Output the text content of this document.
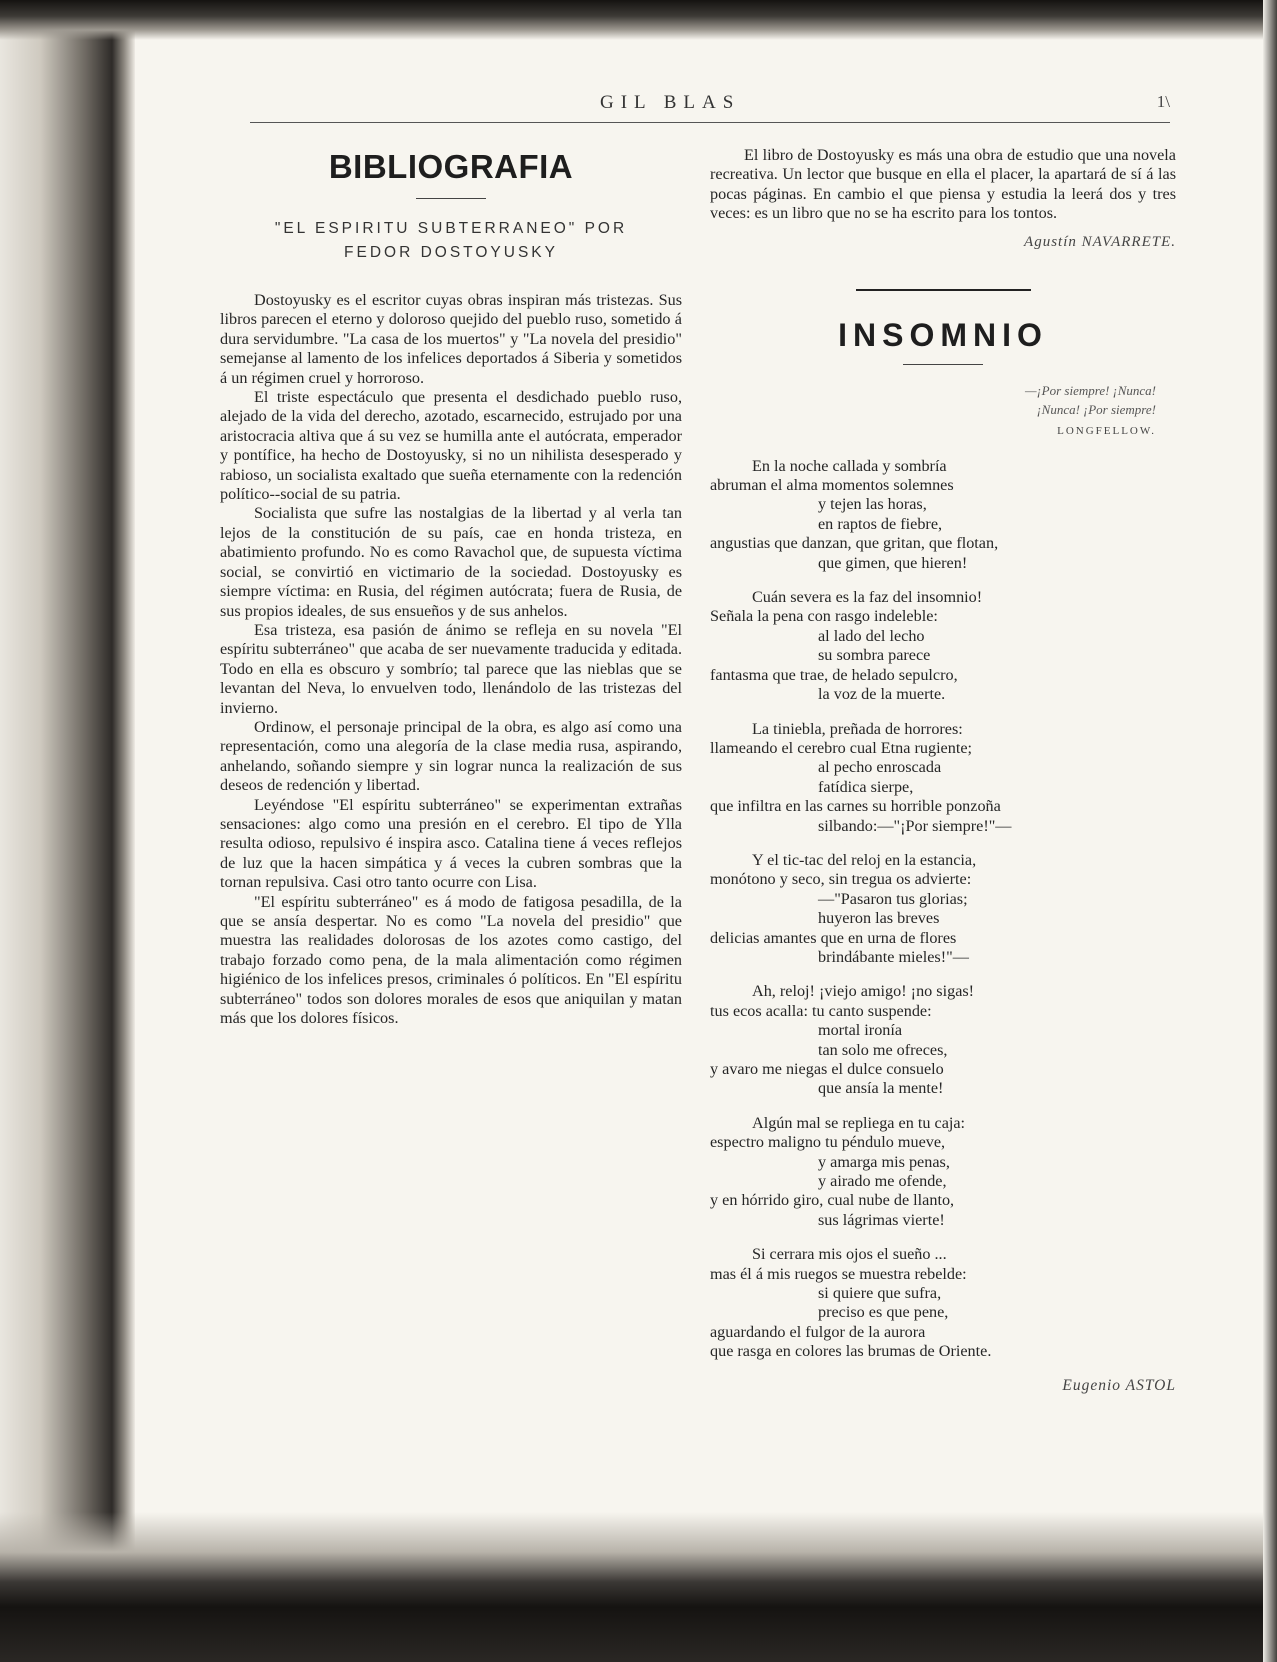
GIL BLAS	1\
BIBLIOGRAFIA
"EL ESPIRITU SUBTERRANEO" POR
FEDOR DOSTOYUSKY

Dostoyusky es el escritor cuyas obras inspiran más tristezas. Sus libros parecen el eterno y doloroso quejido del pueblo ruso, sometido á dura servidumbre. "La casa de los muertos" y "La novela del presidio" semejanse al lamento de los infelices deportados á Siberia y sometidos á un régimen cruel y horroroso.

El triste espectáculo que presenta el desdichado pueblo ruso, alejado de la vida del derecho, azotado, escarnecido, estrujado por una aristocracia altiva que á su vez se humilla ante el autócrata, emperador y pontífice, ha hecho de Dostoyusky, si no un nihilista desesperado y rabioso, un socialista exaltado que sueña eternamente con la redención político--social de su patria.

Socialista que sufre las nostalgias de la libertad y al verla tan lejos de la constitución de su país, cae en honda tristeza, en abatimiento profundo. No es como Ravachol que, de supuesta víctima social, se convirtió en victimario de la sociedad. Dostoyusky es siempre víctima: en Rusia, del régimen autócrata; fuera de Rusia, de sus propios ideales, de sus ensueños y de sus anhelos.

Esa tristeza, esa pasión de ánimo se refleja en su novela "El espíritu subterráneo" que acaba de ser nuevamente traducida y editada. Todo en ella es obscuro y sombrío; tal parece que las nieblas que se levantan del Neva, lo envuelven todo, llenándolo de las tristezas del invierno.

Ordinow, el personaje principal de la obra, es algo así como una representación, como una alegoría de la clase media rusa, aspirando, anhelando, soñando siempre y sin lograr nunca la realización de sus deseos de redención y libertad.

Leyéndose "El espíritu subterráneo" se experimentan extrañas sensaciones: algo como una presión en el cerebro. El tipo de Ylla resulta odioso, repulsivo é inspira asco. Catalina tiene á veces reflejos de luz que la hacen simpática y á veces la cubren sombras que la tornan repulsiva. Casi otro tanto ocurre con Lisa.

"El espíritu subterráneo" es á modo de fatigosa pesadilla, de la que se ansía despertar. No es como "La novela del presidio" que muestra las realidades dolorosas de los azotes como castigo, del trabajo forzado como pena, de la mala alimentación como régimen higiénico de los infelices presos, criminales ó políticos. En "El espíritu subterráneo" todos son dolores morales de esos que aniquilan y matan más que los dolores físicos.

El libro de Dostoyusky es más una obra de estudio que una novela recreativa. Un lector que busque en ella el placer, la apartará de sí á las pocas páginas. En cambio el que piensa y estudia la leerá dos y tres veces: es un libro que no se ha escrito para los tontos.

Agustín NAVARRETE.

INSOMNIO
—¡Por siempre! ¡Nunca!
¡Nunca! ¡Por siempre!
LONGFELLOW.
En la noche callada y sombría
abruman el alma momentos solemnes
y tejen las horas,
en raptos de fiebre,
angustias que danzan, que gritan, que flotan,
que gimen, que hieren!
Cuán severa es la faz del insomnio!
Señala la pena con rasgo indeleble:
al lado del lecho
su sombra parece
fantasma que trae, de helado sepulcro,
la voz de la muerte.
La tiniebla, preñada de horrores:
llameando el cerebro cual Etna rugiente;
al pecho enroscada
fatídica sierpe,
que infiltra en las carnes su horrible ponzoña
silbando:—"¡Por siempre!"—
Y el tic-tac del reloj en la estancia,
monótono y seco, sin tregua os advierte:
—"Pasaron tus glorias;
huyeron las breves
delicias amantes que en urna de flores
brindábante mieles!"—
Ah, reloj! ¡viejo amigo! ¡no sigas!
tus ecos acalla: tu canto suspende:
mortal ironía
tan solo me ofreces,
y avaro me niegas el dulce consuelo
que ansía la mente!
Algún mal se repliega en tu caja:
espectro maligno tu péndulo mueve,
y amarga mis penas,
y airado me ofende,
y en hórrido giro, cual nube de llanto,
sus lágrimas vierte!
Si cerrara mis ojos el sueño ...
mas él á mis ruegos se muestra rebelde:
si quiere que sufra,
preciso es que pene,
aguardando el fulgor de la aurora
que rasga en colores las brumas de Oriente.

Eugenio ASTOL
